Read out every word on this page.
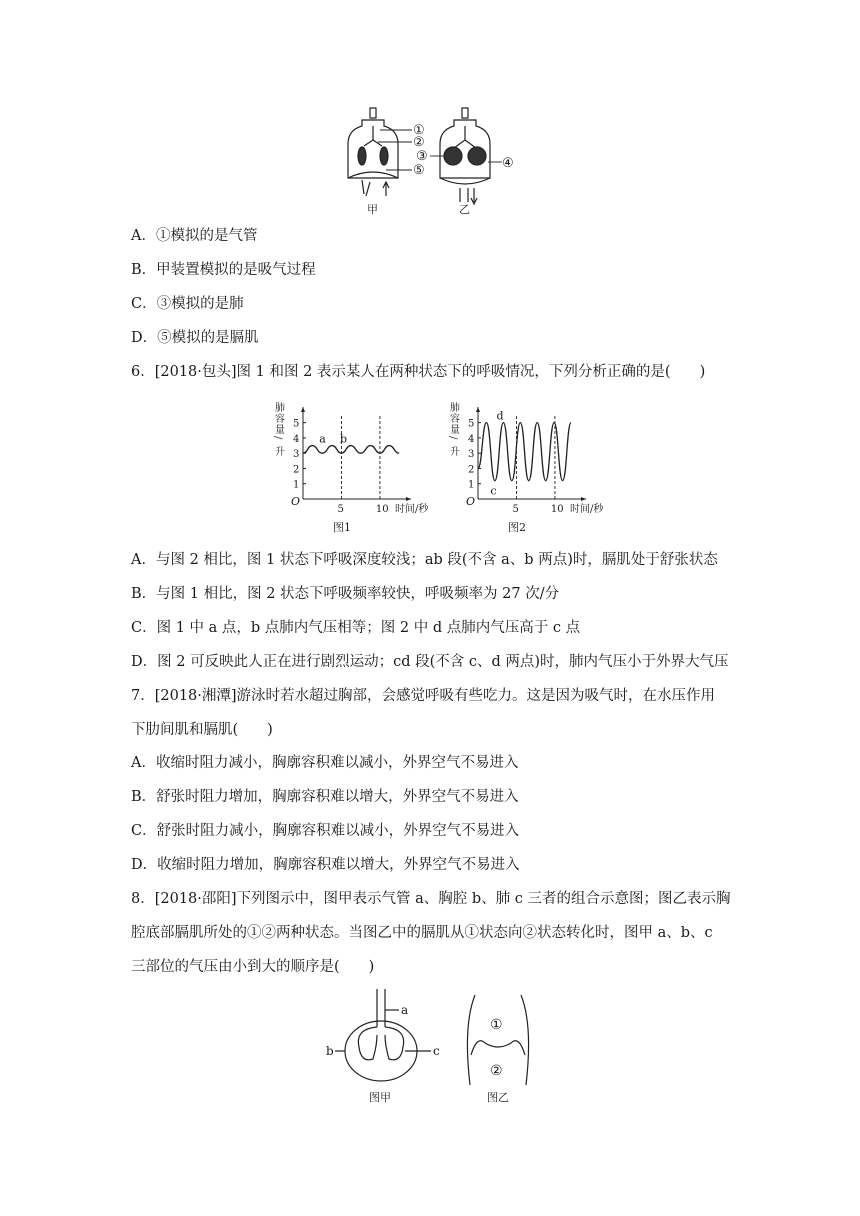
①
②
③	④
⑤
甲	乙
A．①模拟的是气管
B．甲装置模拟的是吸气过程
C．③模拟的是肺
D．⑤模拟的是膈肌
6．[2018·包头]图 1 和图 2 表示某人在两种状态下的呼吸情况，下列分析正确的是(　　)
肺
容
量
/
升
1
2
3
4
5
O
5	10 时间/秒
a b
图1
肺
容
量
/
升
1
2
3
4
5
O
5	10 时间/秒
d
c
图2
A．与图 2 相比，图 1 状态下呼吸深度较浅；ab 段(不含 a、b 两点)时，膈肌处于舒张状态
B．与图 1 相比，图 2 状态下呼吸频率较快，呼吸频率为 27 次/分
C．图 1 中 a 点，b 点肺内气压相等；图 2 中 d 点肺内气压高于 c 点
D．图 2 可反映此人正在进行剧烈运动；cd 段(不含 c、d 两点)时，肺内气压小于外界大气压
7．[2018·湘潭]游泳时若水超过胸部，会感觉呼吸有些吃力。这是因为吸气时，在水压作用
下肋间肌和膈肌(　　)
A．收缩时阻力减小，胸廓容积难以减小，外界空气不易进入
B．舒张时阻力增加，胸廓容积难以增大，外界空气不易进入
C．舒张时阻力减小，胸廓容积难以减小，外界空气不易进入
D．收缩时阻力增加，胸廓容积难以增大，外界空气不易进入
8．[2018·邵阳]下列图示中，图甲表示气管 a、胸腔 b、肺 c 三者的组合示意图；图乙表示胸
腔底部膈肌所处的①②两种状态。当图乙中的膈肌从①状态向②状态转化时，图甲 a、b、c
三部位的气压由小到大的顺序是(　　)
a
b	c
图甲
①
②
图乙
